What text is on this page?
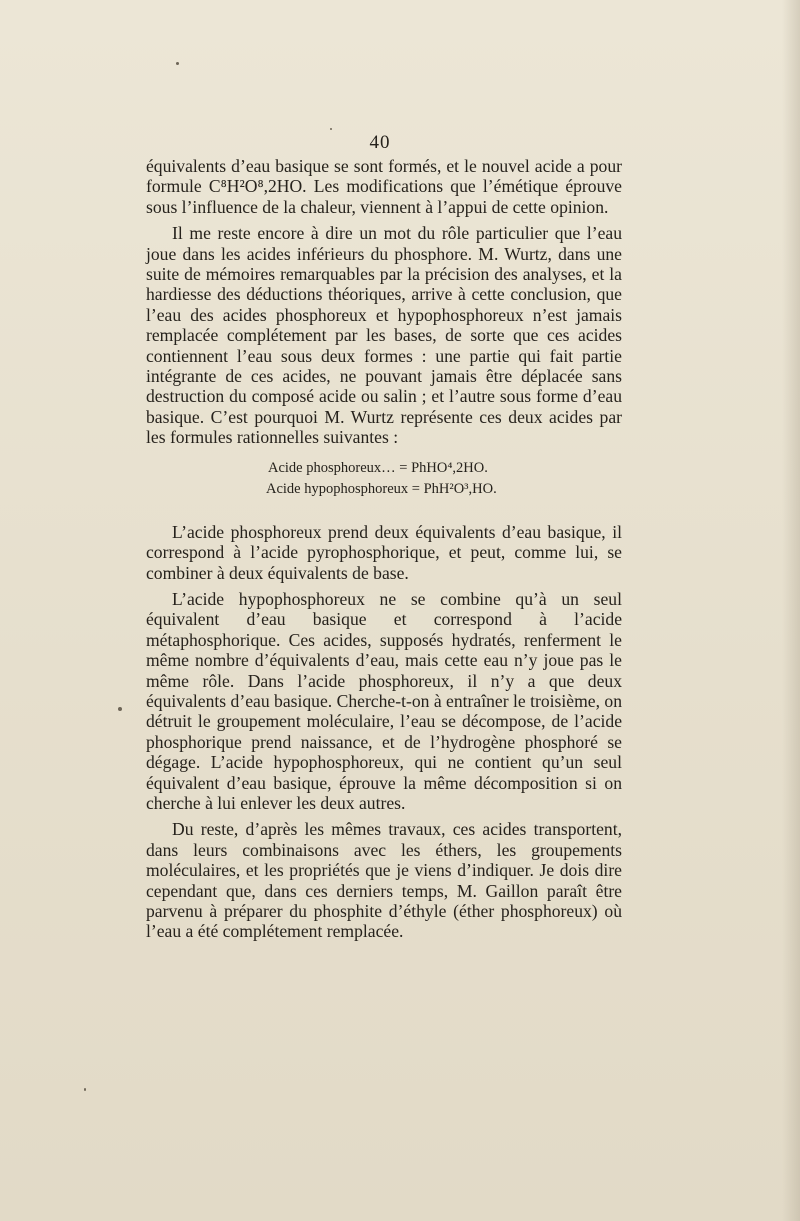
40

équivalents d’eau basique se sont formés, et le nouvel acide a pour formule C⁸H²O⁸,2HO. Les modifications que l’émétique éprouve sous l’influence de la chaleur, viennent à l’appui de cette opinion.

Il me reste encore à dire un mot du rôle particulier que l’eau joue dans les acides inférieurs du phosphore. M. Wurtz, dans une suite de mémoires remarquables par la précision des analyses, et la hardiesse des déductions théoriques, arrive à cette conclusion, que l’eau des acides phosphoreux et hypophosphoreux n’est jamais remplacée complétement par les bases, de sorte que ces acides contiennent l’eau sous deux formes : une partie qui fait partie intégrante de ces acides, ne pouvant jamais être déplacée sans destruction du composé acide ou salin ; et l’autre sous forme d’eau basique. C’est pourquoi M. Wurtz représente ces deux acides par les formules rationnelles suivantes :

Acide phosphoreux… = PhHO⁴,2HO.

Acide hypophosphoreux = PhH²O³,HO.

L’acide phosphoreux prend deux équivalents d’eau basique, il correspond à l’acide pyrophosphorique, et peut, comme lui, se combiner à deux équivalents de base.

L’acide hypophosphoreux ne se combine qu’à un seul équivalent d’eau basique et correspond à l’acide métaphosphorique. Ces acides, supposés hydratés, renferment le même nombre d’équivalents d’eau, mais cette eau n’y joue pas le même rôle. Dans l’acide phosphoreux, il n’y a que deux équivalents d’eau basique. Cherche-t-on à entraîner le troisième, on détruit le groupement moléculaire, l’eau se décompose, de l’acide phosphorique prend naissance, et de l’hydrogène phosphoré se dégage. L’acide hypophosphoreux, qui ne contient qu’un seul équivalent d’eau basique, éprouve la même décomposition si on cherche à lui enlever les deux autres.

Du reste, d’après les mêmes travaux, ces acides transportent, dans leurs combinaisons avec les éthers, les groupements moléculaires, et les propriétés que je viens d’indiquer. Je dois dire cependant que, dans ces derniers temps, M. Gaillon paraît être parvenu à préparer du phosphite d’éthyle (éther phosphoreux) où l’eau a été complétement remplacée.
